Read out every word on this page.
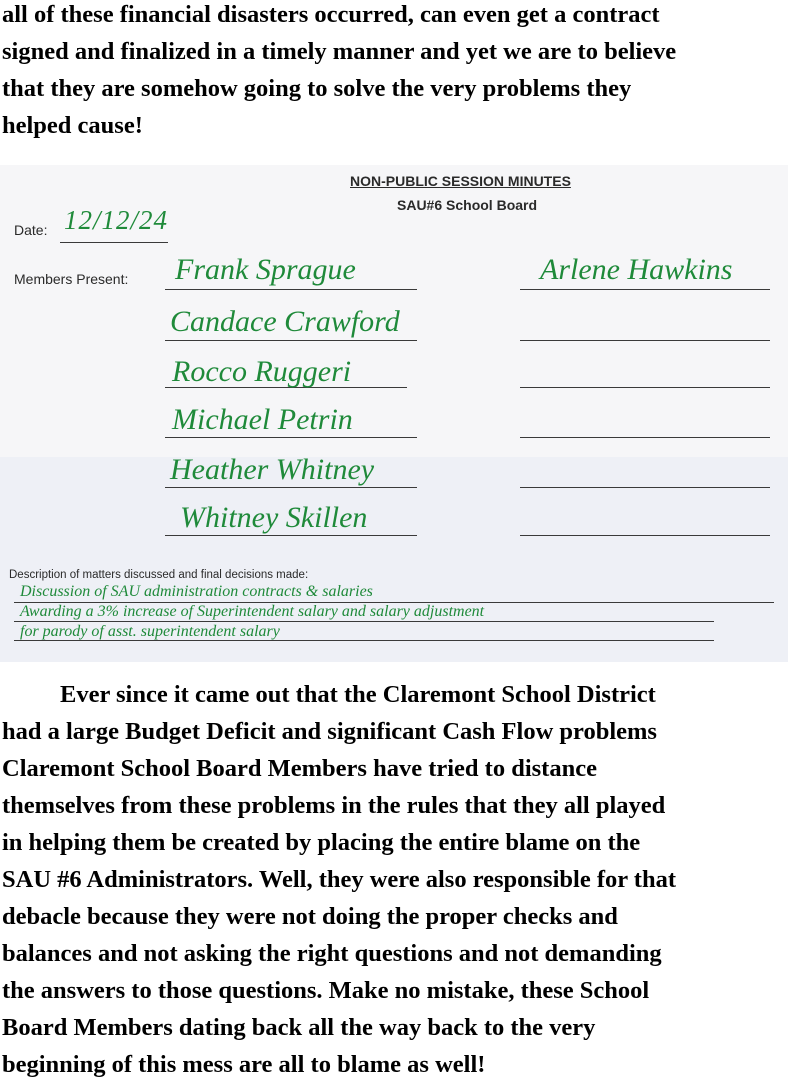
all of these financial disasters occurred, can even get a contract
signed and finalized in a timely manner and yet we are to believe
that they are somehow going to solve the very problems they
helped cause!
NON-PUBLIC SESSION MINUTES
SAU#6 School Board
Date: 12/12/24
Members Present: Frank Sprague
Candace Crawford
Rocco Ruggeri
Michael Petrin
Heather Whitney
Whitney Skillen
Arlene Hawkins
Description of matters discussed and final decisions made:
Discussion of SAU administration contracts & salaries
Awarding a 3% increase of Superintendent salary and salary adjustment
for parody of asst. superintendent salary
Ever since it came out that the Claremont School District
had a large Budget Deficit and significant Cash Flow problems
Claremont School Board Members have tried to distance
themselves from these problems in the rules that they all played
in helping them be created by placing the entire blame on the
SAU #6 Administrators. Well, they were also responsible for that
debacle because they were not doing the proper checks and
balances and not asking the right questions and not demanding
the answers to those questions. Make no mistake, these School
Board Members dating back all the way back to the very
beginning of this mess are all to blame as well!
